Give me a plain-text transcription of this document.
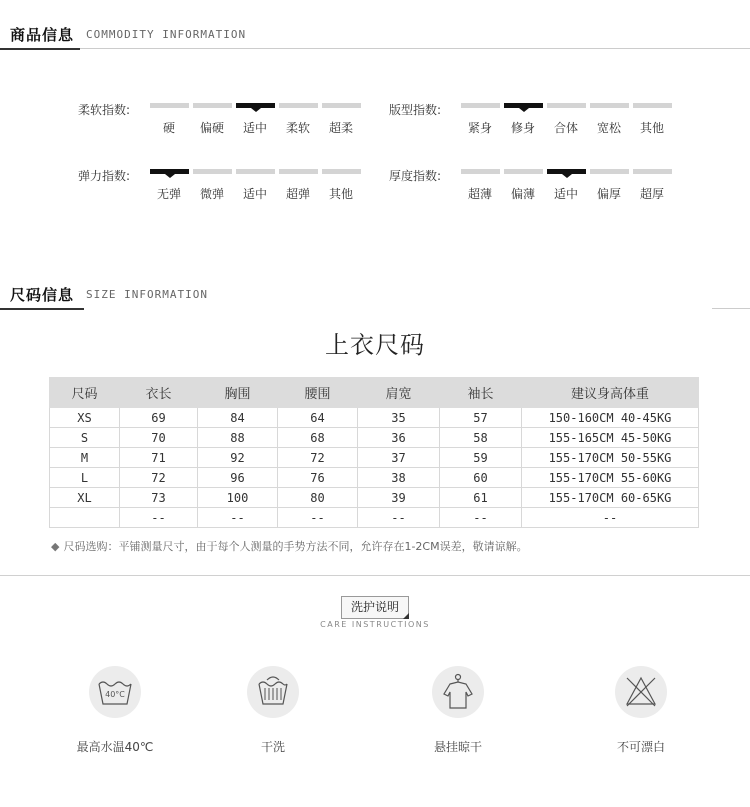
商品信息 COMMODITY INFORMATION
柔软指数:
硬	偏硬	适中	柔软	超柔
版型指数:
紧身	修身	合体	宽松	其他
弹力指数:
无弹	微弹	适中	超弹	其他
厚度指数:
超薄	偏薄	适中	偏厚	超厚
尺码信息 SIZE INFORMATION
上衣尺码
尺码	衣长	胸围	腰围	肩宽	袖长	建议身高体重
XS	69	84	64	35	57	150-160CM 40-45KG
S	70	88	68	36	58	155-165CM 45-50KG
M	71	92	72	37	59	155-170CM 50-55KG
L	72	96	76	38	60	155-170CM 55-60KG
XL	73	100	80	39	61	155-170CM 60-65KG
	--	--	--	--	--	--
◆ 尺码选购：平铺测量尺寸，由于每个人测量的手势方法不同，允许存在1-2CM误差，敬请谅解。
洗护说明
CARE INSTRUCTIONS
40°C
最高水温40℃	干洗	悬挂晾干	不可漂白
